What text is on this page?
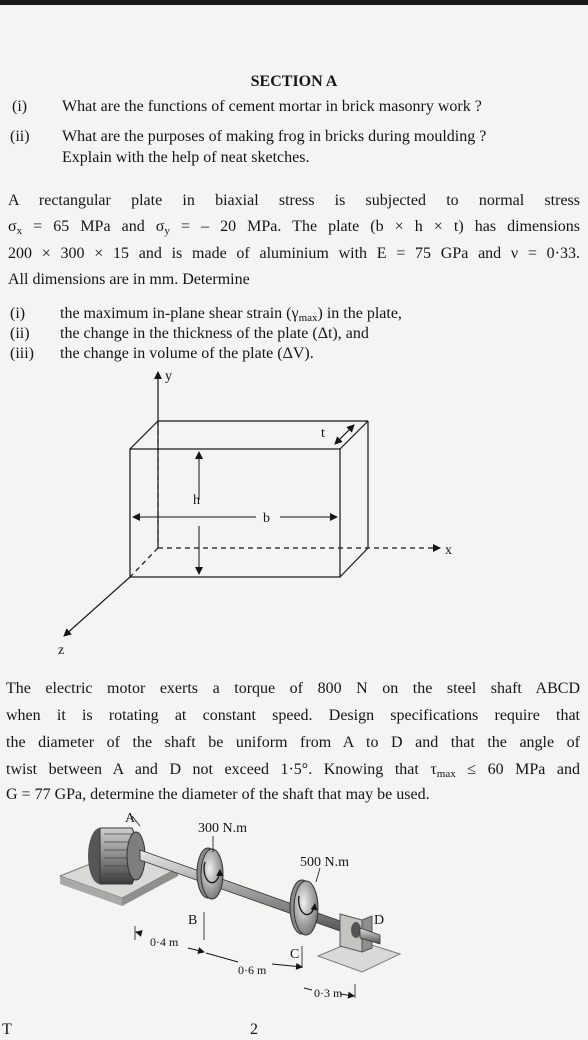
SECTION A
(i) What are the functions of cement mortar in brick masonry work ?
(ii) What are the purposes of making frog in bricks during moulding ?
Explain with the help of neat sketches.
A rectangular plate in biaxial stress is subjected to normal stress
$\sigma_x = 65$ MPa and $\sigma_y$ = – 20 MPa. The plate (b × h × t) has dimensions
200 × 300 × 15 and is made of aluminium with E = 75 GPa and ν = 0·33.
All dimensions are in mm. Determine
(i) the maximum in-plane shear strain $(\gamma_{max})$ in the plate,
(ii) the change in the thickness of the plate (Δt), and
(iii) the change in volume of the plate (ΔV).
y
x
z
t
h
b
The electric motor exerts a torque of 800 N on the steel shaft ABCD
when it is rotating at constant speed. Design specifications require that
the diameter of the shaft be uniform from A to D and that the angle of
twist between A and D not exceed 1·5°. Knowing that $\tau_{max} \le 60$ MPa and
G = 77 GPa, determine the diameter of the shaft that may be used.
A
300 N.m
500 N.m
B
C
D
0·4 m
0·6 m
0·3 m
T	2
